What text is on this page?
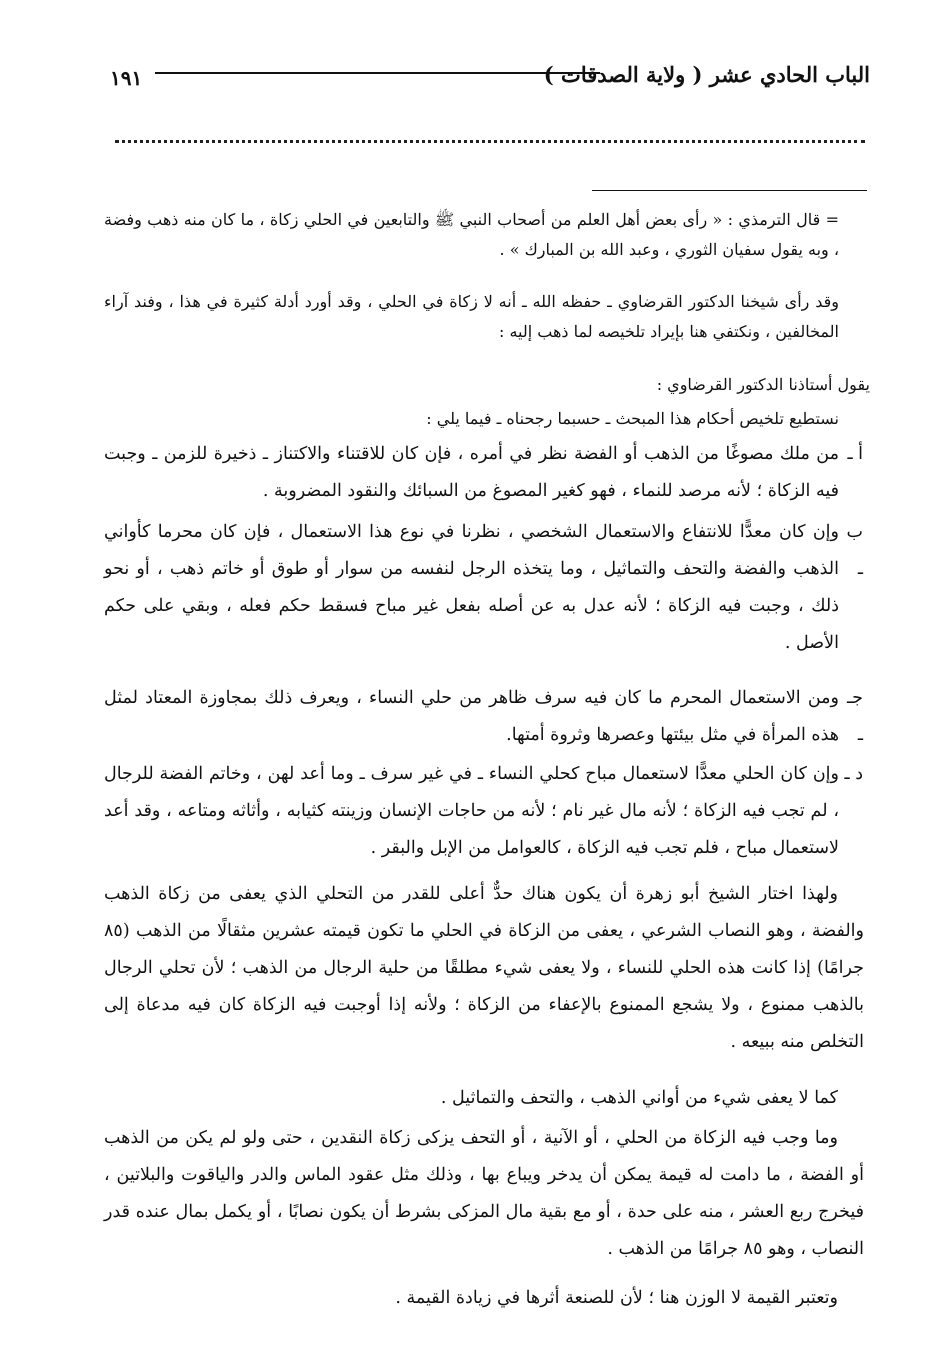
١٩١	الباب الحادي عشر ( ولاية الصدقات )
= قال الترمذي : « رأى بعض أهل العلم من أصحاب النبي ﷺ والتابعين في الحلي زكاة ، ما كان منه ذهب وفضة ، وبه يقول سفيان الثوري ، وعبد الله بن المبارك » .
وقد رأى شيخنا الدكتور القرضاوي ـ حفظه الله ـ أنه لا زكاة في الحلي ، وقد أورد أدلة كثيرة في هذا ، وفند آراء المخالفين ، ونكتفي هنا بإيراد تلخيصه لما ذهب إليه :
يقول أستاذنا الدكتور القرضاوي :
نستطيع تلخيص أحكام هذا المبحث ـ حسبما رجحناه ـ فيما يلي :
أ ـ
من ملك مصوغًا من الذهب أو الفضة نظر في أمره ، فإن كان للاقتناء والاكتناز ـ ذخيرة للزمن ـ وجبت فيه الزكاة ؛ لأنه مرصد للنماء ، فهو كغير المصوغ من السبائك والنقود المضروبة .
ب ـ
وإن كان معدًّا للانتفاع والاستعمال الشخصي ، نظرنا في نوع هذا الاستعمال ، فإن كان محرما كأواني الذهب والفضة والتحف والتماثيل ، وما يتخذه الرجل لنفسه من سوار أو طوق أو خاتم ذهب ، أو نحو ذلك ، وجبت فيه الزكاة ؛ لأنه عدل به عن أصله بفعل غير مباح فسقط حكم فعله ، وبقي على حكم الأصل .
جـ ـ
ومن الاستعمال المحرم ما كان فيه سرف ظاهر من حلي النساء ، ويعرف ذلك بمجاوزة المعتاد لمثل هذه المرأة في مثل بيئتها وعصرها وثروة أمتها.
د ـ
وإن كان الحلي معدًّا لاستعمال مباح كحلي النساء ـ في غير سرف ـ وما أعد لهن ، وخاتم الفضة للرجال ، لم تجب فيه الزكاة ؛ لأنه مال غير نام ؛ لأنه من حاجات الإنسان وزينته كثيابه ، وأثاثه ومتاعه ، وقد أعد لاستعمال مباح ، فلم تجب فيه الزكاة ، كالعوامل من الإبل والبقر .
ولهذا اختار الشيخ أبو زهرة أن يكون هناك حدٌّ أعلى للقدر من التحلي الذي يعفى من زكاة الذهب والفضة ، وهو النصاب الشرعي ، يعفى من الزكاة في الحلي ما تكون قيمته عشرين مثقالًا من الذهب (٨٥ جرامًا) إذا كانت هذه الحلي للنساء ، ولا يعفى شيء مطلقًا من حلية الرجال من الذهب ؛ لأن تحلي الرجال بالذهب ممنوع ، ولا يشجع الممنوع بالإعفاء من الزكاة ؛ ولأنه إذا أوجبت فيه الزكاة كان فيه مدعاة إلى التخلص منه ببيعه .
كما لا يعفى شيء من أواني الذهب ، والتحف والتماثيل .
وما وجب فيه الزكاة من الحلي ، أو الآنية ، أو التحف يزكى زكاة النقدين ، حتى ولو لم يكن من الذهب أو الفضة ، ما دامت له قيمة يمكن أن يدخر ويباع بها ، وذلك مثل عقود الماس والدر والياقوت والبلاتين ، فيخرج ربع العشر ، منه على حدة ، أو مع بقية مال المزكى بشرط أن يكون نصابًا ، أو يكمل بمال عنده قدر النصاب ، وهو ٨٥ جرامًا من الذهب .
وتعتبر القيمة لا الوزن هنا ؛ لأن للصنعة أثرها في زيادة القيمة .
